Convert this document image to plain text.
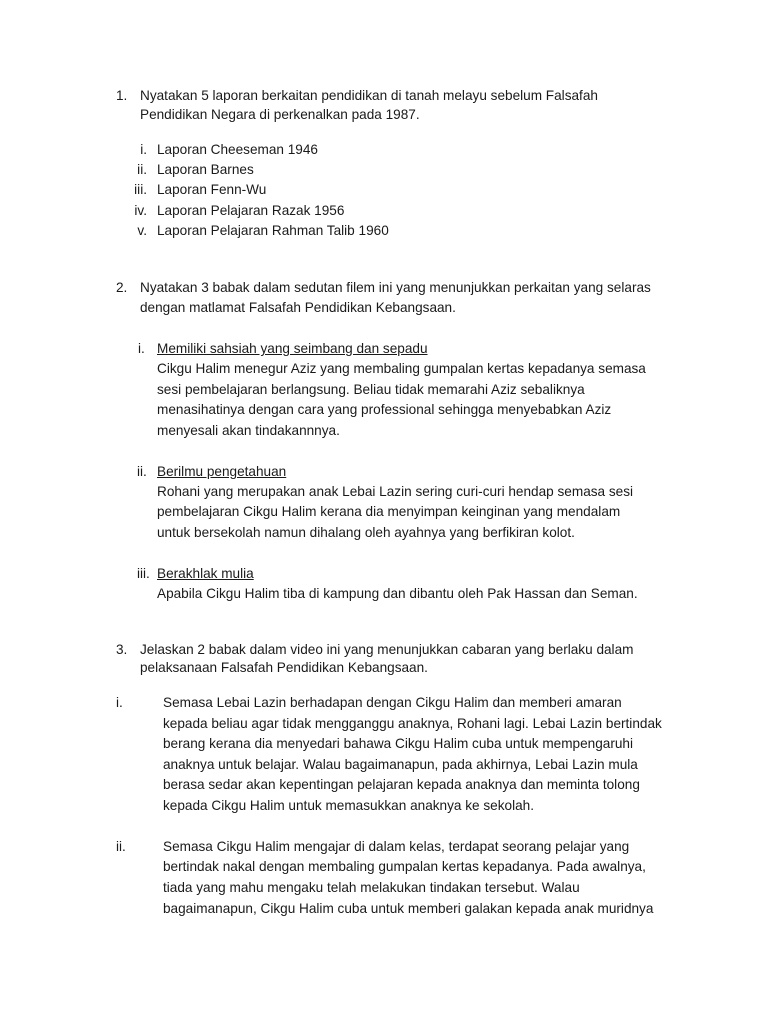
1. Nyatakan 5 laporan berkaitan pendidikan di tanah melayu sebelum Falsafah
Pendidikan Negara di perkenalkan pada 1987.
i. Laporan Cheeseman 1946
ii. Laporan Barnes
iii. Laporan Fenn-Wu
iv. Laporan Pelajaran Razak 1956
v. Laporan Pelajaran Rahman Talib 1960
2. Nyatakan 3 babak dalam sedutan filem ini yang menunjukkan perkaitan yang selaras
dengan matlamat Falsafah Pendidikan Kebangsaan.
i. Memiliki sahsiah yang seimbang dan sepadu
Cikgu Halim menegur Aziz yang membaling gumpalan kertas kepadanya semasa
sesi pembelajaran berlangsung. Beliau tidak memarahi Aziz sebaliknya
menasihatinya dengan cara yang professional sehingga menyebabkan Aziz
menyesali akan tindakannnya.
ii. Berilmu pengetahuan
Rohani yang merupakan anak Lebai Lazin sering curi-curi hendap semasa sesi
pembelajaran Cikgu Halim kerana dia menyimpan keinginan yang mendalam
untuk bersekolah namun dihalang oleh ayahnya yang berfikiran kolot.
iii. Berakhlak mulia
Apabila Cikgu Halim tiba di kampung dan dibantu oleh Pak Hassan dan Seman.
3. Jelaskan 2 babak dalam video ini yang menunjukkan cabaran yang berlaku dalam
pelaksanaan Falsafah Pendidikan Kebangsaan.
i.	Semasa Lebai Lazin berhadapan dengan Cikgu Halim dan memberi amaran
kepada beliau agar tidak mengganggu anaknya, Rohani lagi. Lebai Lazin bertindak
berang kerana dia menyedari bahawa Cikgu Halim cuba untuk mempengaruhi
anaknya untuk belajar. Walau bagaimanapun, pada akhirnya, Lebai Lazin mula
berasa sedar akan kepentingan pelajaran kepada anaknya dan meminta tolong
kepada Cikgu Halim untuk memasukkan anaknya ke sekolah.
ii.	Semasa Cikgu Halim mengajar di dalam kelas, terdapat seorang pelajar yang
bertindak nakal dengan membaling gumpalan kertas kepadanya. Pada awalnya,
tiada yang mahu mengaku telah melakukan tindakan tersebut. Walau
bagaimanapun, Cikgu Halim cuba untuk memberi galakan kepada anak muridnya
